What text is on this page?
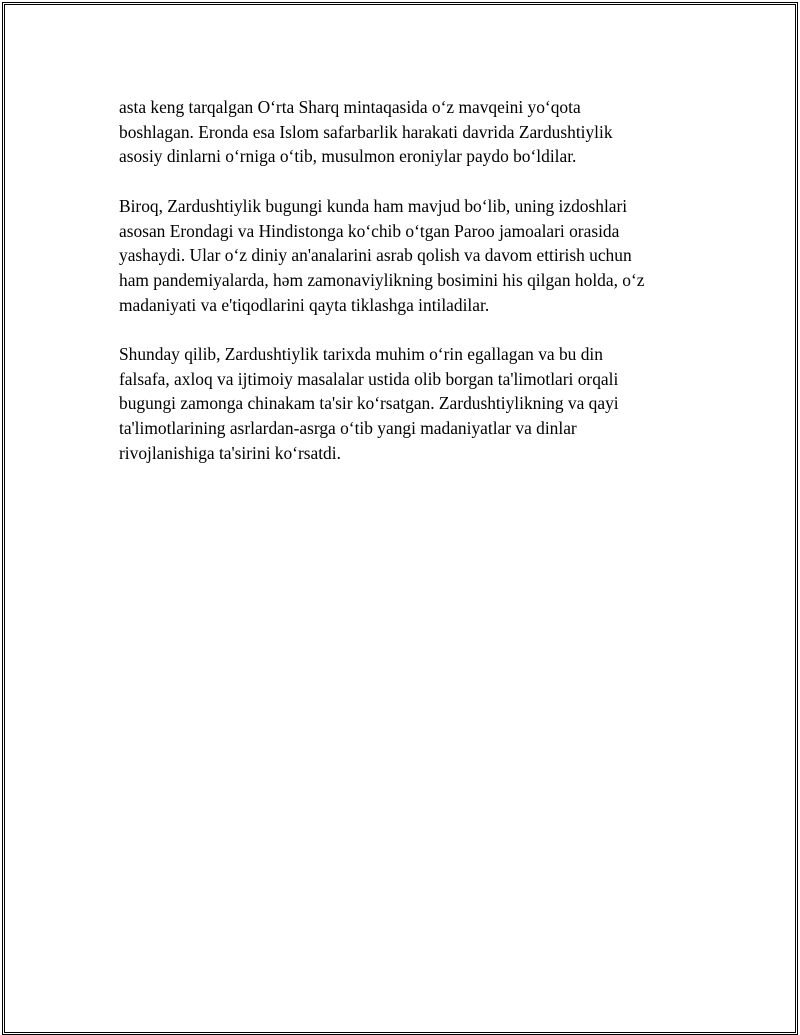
asta keng tarqalgan O‘rta Sharq mintaqasida o‘z mavqeini yo‘qota
boshlagan. Eronda esa Islom safarbarlik harakati davrida Zardushtiylik
asosiy dinlarni o‘rniga o‘tib, musulmon eroniylar paydo bo‘ldilar.

Biroq, Zardushtiylik bugungi kunda ham mavjud bo‘lib, uning izdoshlari
asosan Erondagi va Hindistonga ko‘chib o‘tgan Paroo jamoalari orasida
yashaydi. Ular o‘z diniy an'analarini asrab qolish va davom ettirish uchun
ham pandemiyalarda, həm zamonaviylikning bosimini his qilgan holda, o‘z
madaniyati va e'tiqodlarini qayta tiklashga intiladilar.

Shunday qilib, Zardushtiylik tarixda muhim o‘rin egallagan va bu din
falsafa, axloq va ijtimoiy masalalar ustida olib borgan ta'limotlari orqali
bugungi zamonga chinakam ta'sir ko‘rsatgan. Zardushtiylikning va qayi
ta'limotlarining asrlardan-asrga o‘tib yangi madaniyatlar va dinlar
rivojlanishiga ta'sirini ko‘rsatdi.
